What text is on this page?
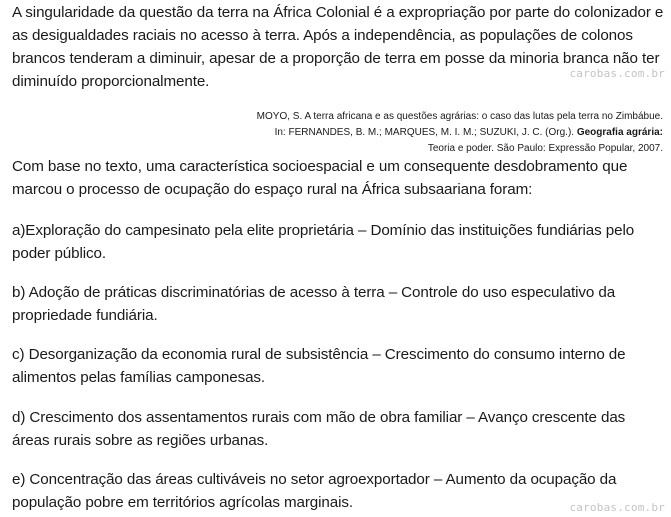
A singularidade da questão da terra na África Colonial é a expropriação por parte do colonizador e as desigualdades raciais no acesso à terra. Após a independência, as populações de colonos brancos tenderam a diminuir, apesar de a proporção de terra em posse da minoria branca não ter diminuído proporcionalmente.	carobas.com.br
MOYO, S. A terra africana e as questões agrárias: o caso das lutas pela terra no Zimbábue.
In: FERNANDES, B. M.; MARQUES, M. I. M.; SUZUKI, J. C. (Org.). Geografia agrária:
Teoria e poder. São Paulo: Expressão Popular, 2007.

Com base no texto, uma característica socioespacial e um consequente desdobramento que marcou o processo de ocupação do espaço rural na África subsaariana foram:

a)Exploração do campesinato pela elite proprietária – Domínio das instituições fundiárias pelo poder público.

b) Adoção de práticas discriminatórias de acesso à terra – Controle do uso especulativo da propriedade fundiária.

c) Desorganização da economia rural de subsistência – Crescimento do consumo interno de alimentos pelas famílias camponesas.

d) Crescimento dos assentamentos rurais com mão de obra familiar – Avanço crescente das áreas rurais sobre as regiões urbanas.

e) Concentração das áreas cultiváveis no setor agroexportador – Aumento da ocupação da população pobre em territórios agrícolas marginais.	carobas.com.br
